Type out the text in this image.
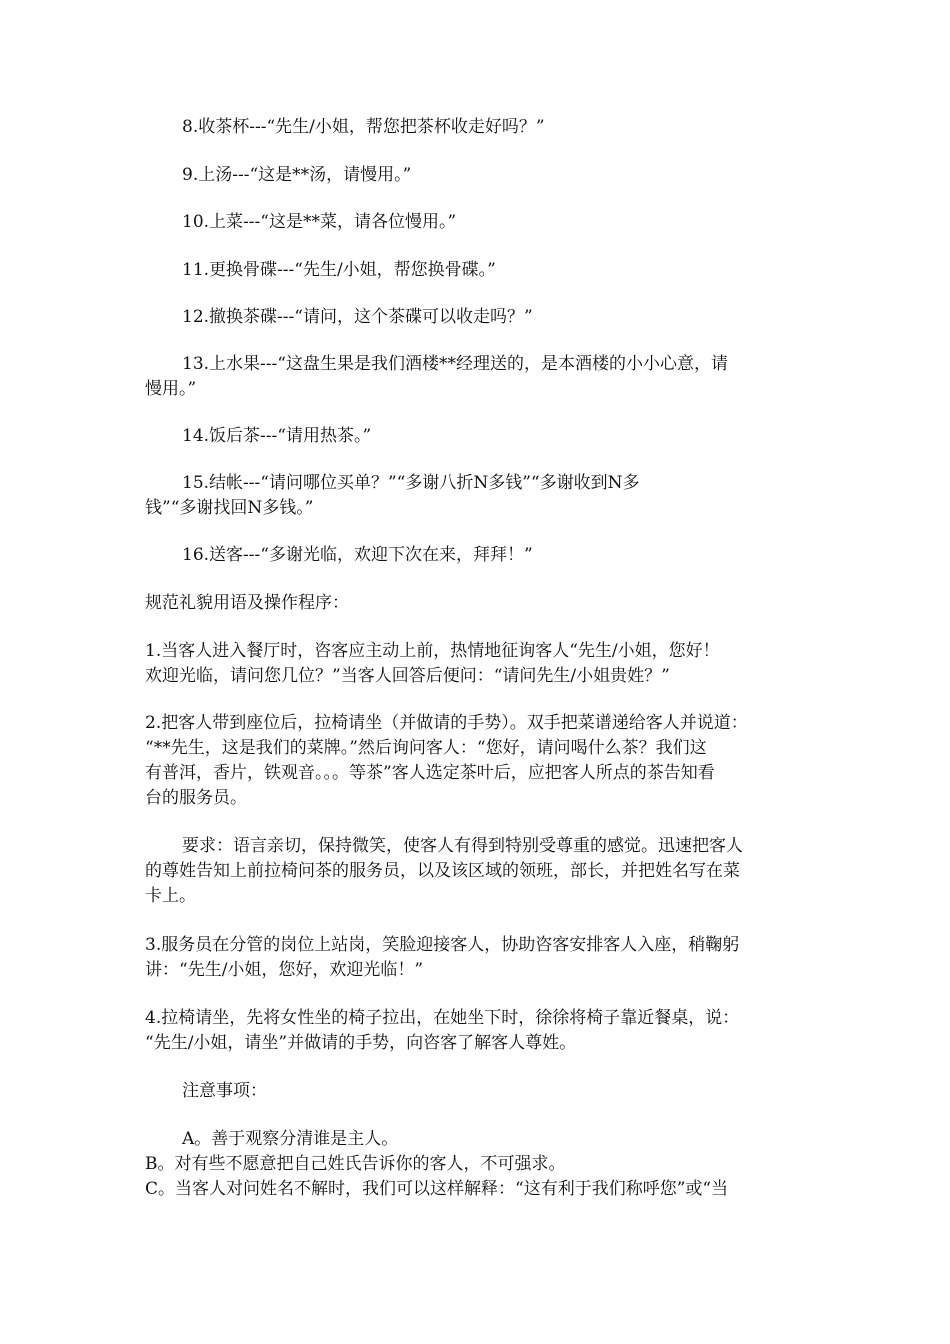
8.收茶杯---“先生/小姐，帮您把茶杯收走好吗？”
9.上汤---“这是**汤，请慢用。”
10.上菜---“这是**菜，请各位慢用。”
11.更换骨碟---“先生/小姐，帮您换骨碟。”
12.撤换茶碟---“请问，这个茶碟可以收走吗？”
13.上水果---“这盘生果是我们酒楼**经理送的，是本酒楼的小小心意，请
慢用。”
14.饭后茶---“请用热茶。”
15.结帐---“请问哪位买单？”“多谢八折N多钱”“多谢收到N多
钱”“多谢找回N多钱。”
16.送客---“多谢光临，欢迎下次在来，拜拜！”
规范礼貌用语及操作程序：
1.当客人进入餐厅时，咨客应主动上前，热情地征询客人“先生/小姐，您好！
欢迎光临，请问您几位？”当客人回答后便问：“请问先生/小姐贵姓？”
2.把客人带到座位后，拉椅请坐（并做请的手势）。双手把菜谱递给客人并说道：
“**先生，这是我们的菜牌。”然后询问客人：“您好，请问喝什么茶？我们这
有普洱，香片，铁观音。。。等茶”客人选定茶叶后，应把客人所点的茶告知看
台的服务员。
要求：语言亲切，保持微笑，使客人有得到特别受尊重的感觉。迅速把客人
的尊姓告知上前拉椅问茶的服务员，以及该区域的领班，部长，并把姓名写在菜
卡上。
3.服务员在分管的岗位上站岗，笑脸迎接客人，协助咨客安排客人入座，稍鞠躬
讲：“先生/小姐，您好，欢迎光临！”
4.拉椅请坐，先将女性坐的椅子拉出，在她坐下时，徐徐将椅子靠近餐桌，说：
“先生/小姐，请坐”并做请的手势，向咨客了解客人尊姓。
注意事项：
A。善于观察分清谁是主人。
B。对有些不愿意把自己姓氏告诉你的客人，不可强求。
C。当客人对问姓名不解时，我们可以这样解释：“这有利于我们称呼您”或“当
